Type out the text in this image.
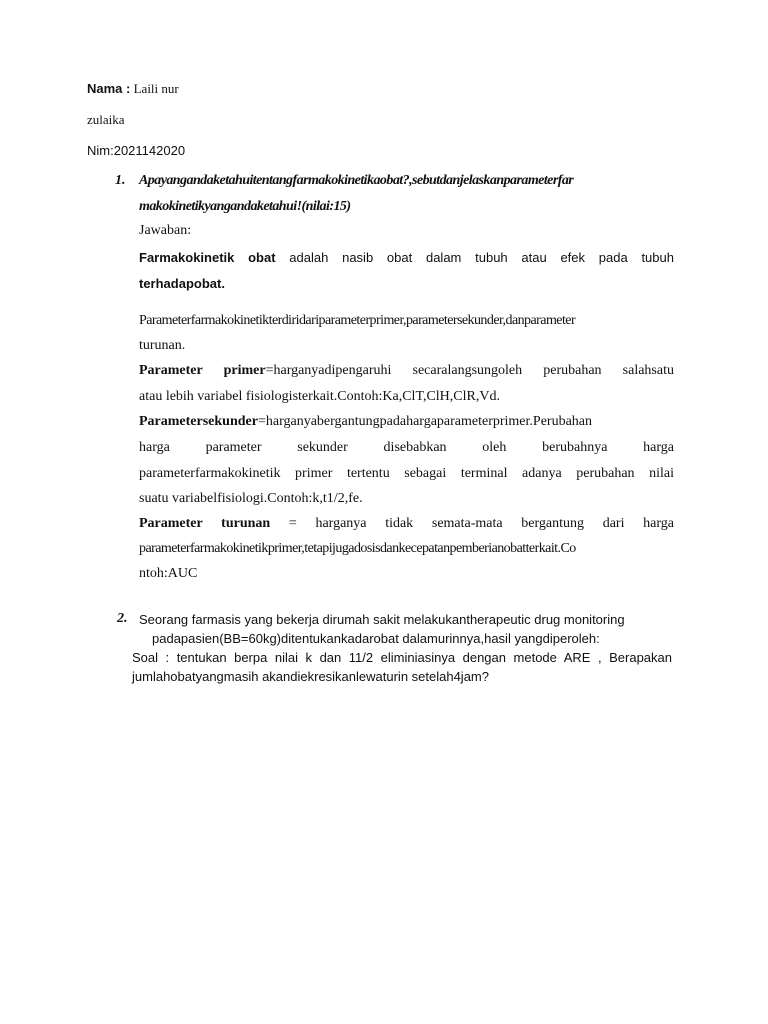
Nama : Laili nur
zulaika
Nim:2021142020
1. Apayangandaketahuitentangfarmakokinetikaobat?,sebutdanjelaskanparameterfar
makokinetikyangandaketahui!(nilai:15)
Jawaban:
Farmakokinetik obat adalah nasib obat dalam tubuh atau efek pada tubuh
terhadapobat.
Parameterfarmakokinetikterdiridariparameterprimer,parametersekunder,danparameter
turunan.
Parameter primer=harganyadipengaruhi secaralangsungoleh perubahan salahsatu
atau lebih variabel fisiologisterkait.Contoh:Ka,ClT,ClH,ClR,Vd.
Parametersekunder=harganyabergantungpadahargaparameterprimer.Perubahan
harga parameter sekunder disebabkan oleh berubahnya harga
parameterfarmakokinetik primer tertentu sebagai terminal adanya perubahan nilai
suatu variabelfisiologi.Contoh:k,t1/2,fe.
Parameter turunan = harganya tidak semata-mata bergantung dari harga
parameterfarmakokinetikprimer,tetapijugadosisdankecepatanpemberianobatterkait.Co
ntoh:AUC
2. Seorang farmasis yang bekerja dirumah sakit melakukantherapeutic drug monitoring
padapasien(BB=60kg)ditentukankadarobat dalamurinnya,hasil yangdiperoleh:
Soal : tentukan berpa nilai k dan 11/2 eliminiasinya dengan metode ARE , Berapakan
jumlahobatyangmasih akandiekresikanlewaturin setelah4jam?
